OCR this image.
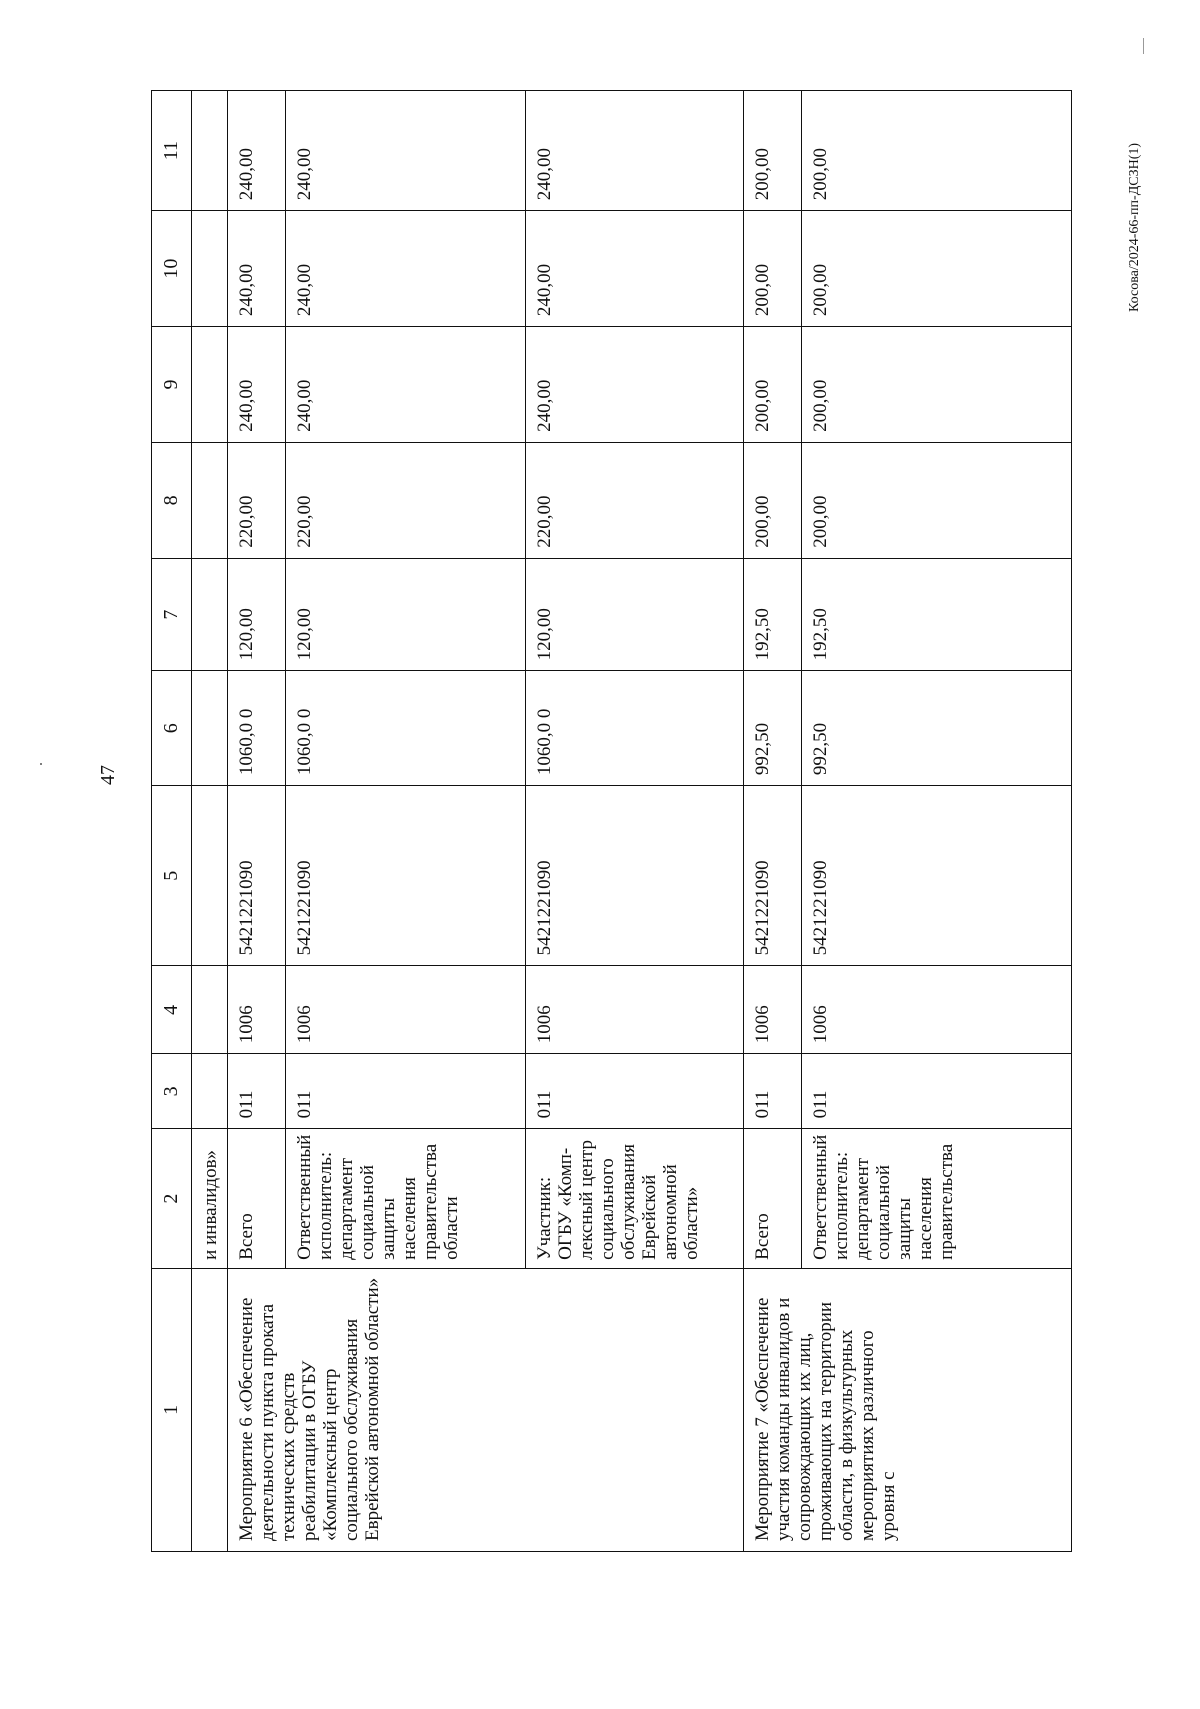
47
Косова/2024-66-пп-ДСЗН(1)
1	2	3	4	5	6	7	8	9	10	11
	и инвалидов»									
Мероприятие 6 «Обеспечение деятельности пункта проката технических средств реабилитации в ОГБУ «Комплексный центр социального обслуживания Еврейской автономной области»	Всего	011	1006	5421221090	1060,0 0	120,00	220,00	240,00	240,00	240,00
	Ответственный исполнитель: департамент социальной защиты населения правительства области	011	1006	5421221090	1060,0 0	120,00	220,00	240,00	240,00	240,00
	Участник: ОГБУ «Комп-лексный центр социального обслуживания Еврейской автономной области»	011	1006	5421221090	1060,0 0	120,00	220,00	240,00	240,00	240,00
Мероприятие 7 «Обеспечение участия команды инвалидов и сопровождающих их лиц, проживающих на территории области, в физкультурных мероприятиях различного уровня с	Всего	011	1006	5421221090	992,50	192,50	200,00	200,00	200,00	200,00
	Ответственный исполнитель: департамент социальной защиты населения правительства	011	1006	5421221090	992,50	192,50	200,00	200,00	200,00	200,00
